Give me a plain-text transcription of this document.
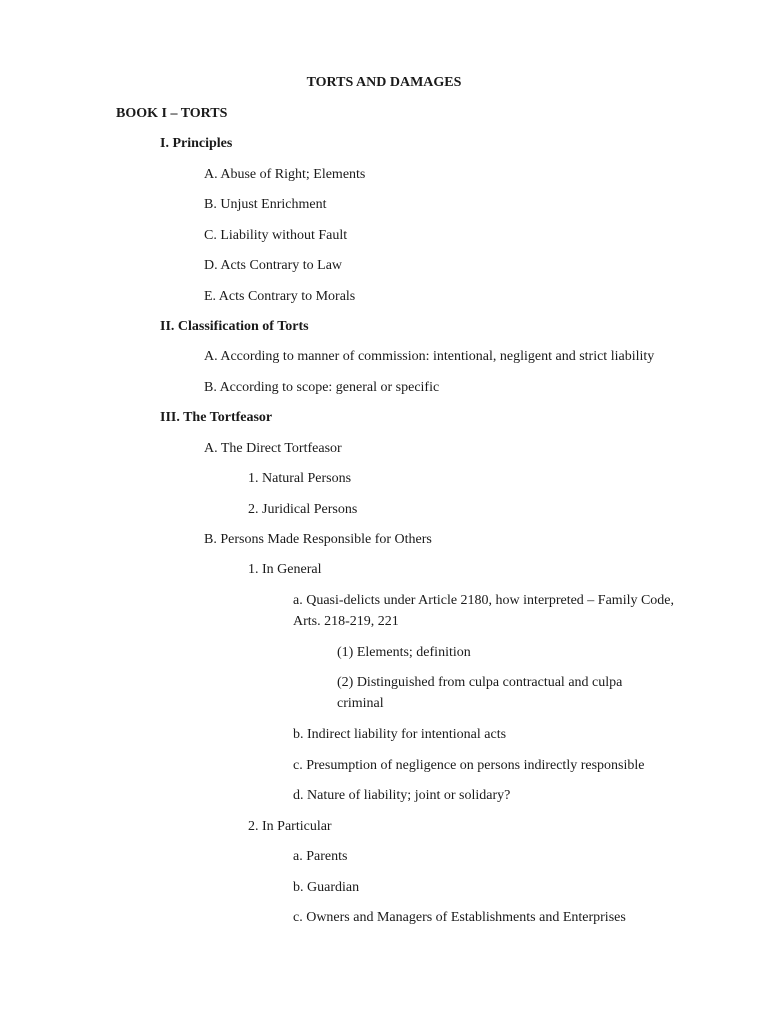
TORTS AND DAMAGES
BOOK I – TORTS
I. Principles
A. Abuse of Right; Elements
B. Unjust Enrichment
C. Liability without Fault
D. Acts Contrary to Law
E. Acts Contrary to Morals
II. Classification of Torts
A. According to manner of commission: intentional, negligent and strict liability
B. According to scope: general or specific
III. The Tortfeasor
A. The Direct Tortfeasor
1. Natural Persons
2. Juridical Persons
B. Persons Made Responsible for Others
1. In General
a. Quasi-delicts under Article 2180, how interpreted – Family Code, Arts. 218-219, 221
(1) Elements; definition
(2) Distinguished from culpa contractual and culpa criminal
b. Indirect liability for intentional acts
c. Presumption of negligence on persons indirectly responsible
d. Nature of liability; joint or solidary?
2. In Particular
a. Parents
b. Guardian
c. Owners and Managers of Establishments and Enterprises
